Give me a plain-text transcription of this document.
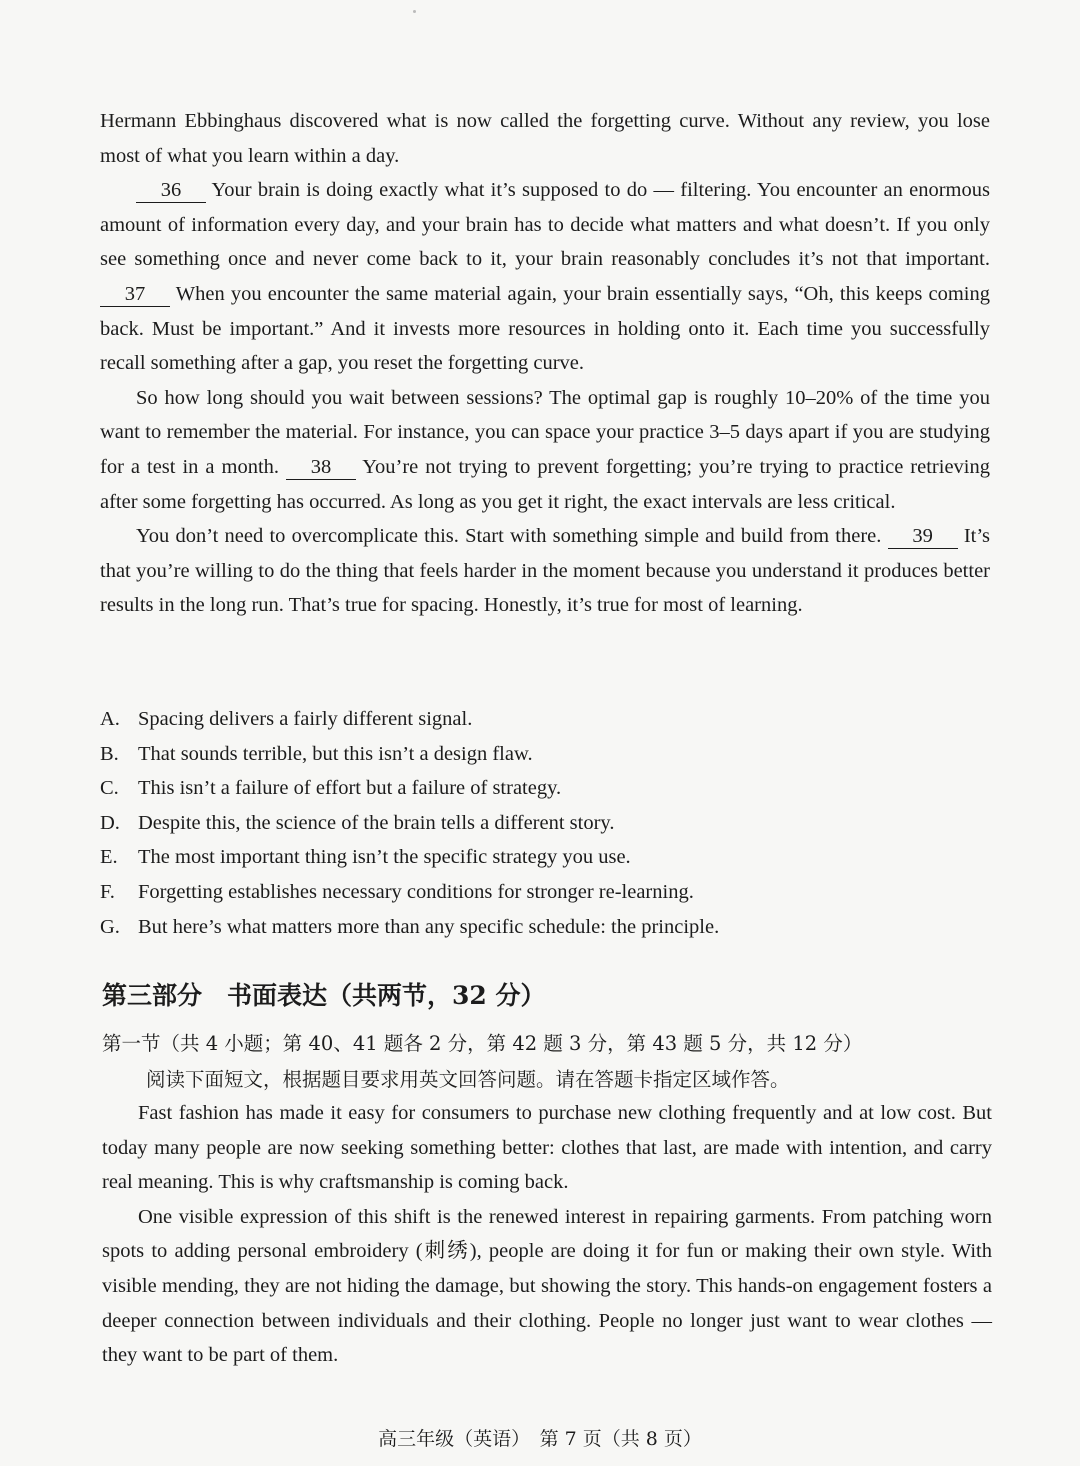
Hermann Ebbinghaus discovered what is now called the forgetting curve. Without any review, you lose most of what you learn within a day.

36 Your brain is doing exactly what it’s supposed to do — filtering. You encounter an enormous amount of information every day, and your brain has to decide what matters and what doesn’t. If you only see something once and never come back to it, your brain reasonably concludes it’s not that important. 37 When you encounter the same material again, your brain essentially says, “Oh, this keeps coming back. Must be important.” And it invests more resources in holding onto it. Each time you successfully recall something after a gap, you reset the forgetting curve.

So how long should you wait between sessions? The optimal gap is roughly 10–20% of the time you want to remember the material. For instance, you can space your practice 3–5 days apart if you are studying for a test in a month. 38 You’re not trying to prevent forgetting; you’re trying to practice retrieving after some forgetting has occurred. As long as you get it right, the exact intervals are less critical.

You don’t need to overcomplicate this. Start with something simple and build from there. 39 It’s that you’re willing to do the thing that feels harder in the moment because you understand it produces better results in the long run. That’s true for spacing. Honestly, it’s true for most of learning.

A. Spacing delivers a fairly different signal.
B. That sounds terrible, but this isn’t a design flaw.
C. This isn’t a failure of effort but a failure of strategy.
D. Despite this, the science of the brain tells a different story.
E. The most important thing isn’t the specific strategy you use.
F.	Forgetting establishes necessary conditions for stronger re-learning.
G. But here’s what matters more than any specific schedule: the principle.
第三部分　书面表达（共两节，32 分）
第一节（共 4 小题；第 40、41 题各 2 分，第 42 题 3 分，第 43 题 5 分，共 12 分）
阅读下面短文，根据题目要求用英文回答问题。请在答题卡指定区域作答。

Fast fashion has made it easy for consumers to purchase new clothing frequently and at low cost. But today many people are now seeking something better: clothes that last, are made with intention, and carry real meaning. This is why craftsmanship is coming back.

One visible expression of this shift is the renewed interest in repairing garments. From patching worn spots to adding personal embroidery (刺绣), people are doing it for fun or making their own style. With visible mending, they are not hiding the damage, but showing the story. This hands-on engagement fosters a deeper connection between individuals and their clothing. People no longer just want to wear clothes — they want to be part of them.

高三年级（英语）　第 7 页（共 8 页）
